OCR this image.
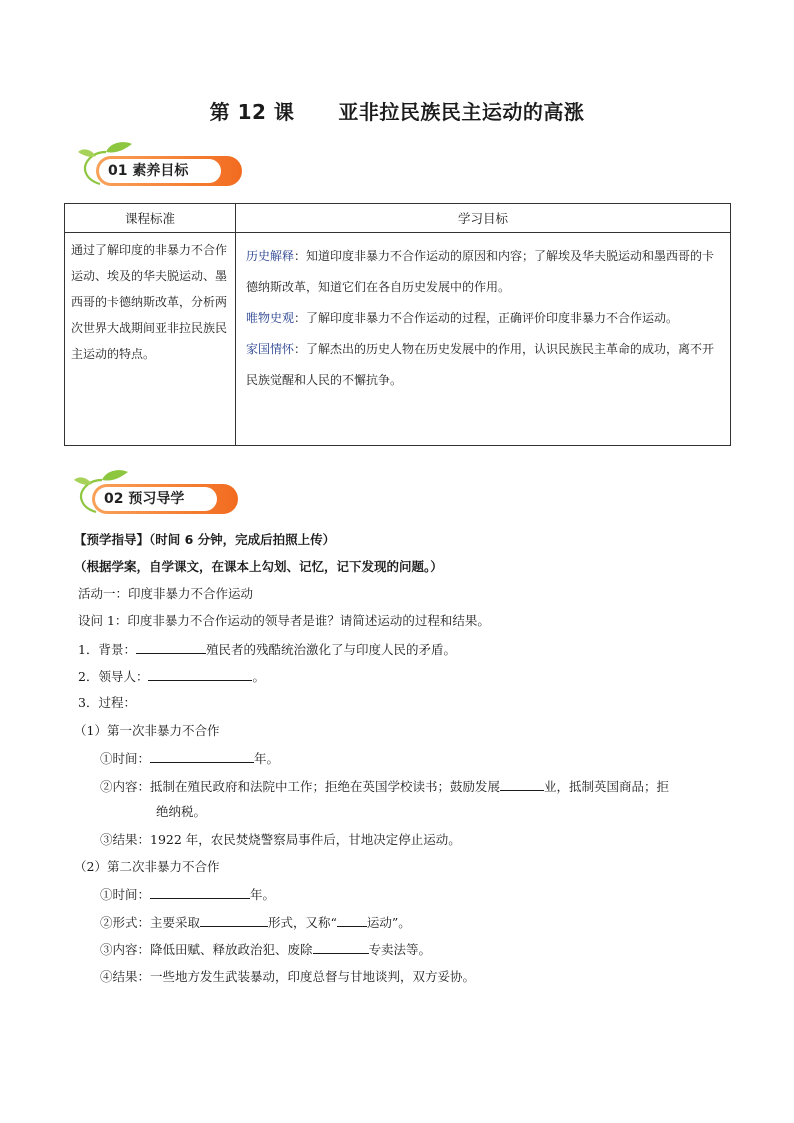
第 12 课 亚非拉民族民主运动的高涨
01 素养目标
课程标准	学习目标
通过了解印度的非暴力不合作运动、埃及的华夫脱运动、墨西哥的卡德纳斯改革，分析两次世界大战期间亚非拉民族民主运动的特点。	历史解释：知道印度非暴力不合作运动的原因和内容；了解埃及华夫脱运动和墨西哥的卡德纳斯改革，知道它们在各自历史发展中的作用。
唯物史观：了解印度非暴力不合作运动的过程，正确评价印度非暴力不合作运动。
家国情怀：了解杰出的历史人物在历史发展中的作用，认识民族民主革命的成功，离不开民族觉醒和人民的不懈抗争。
02 预习导学
【预学指导】（时间 6 分钟，完成后拍照上传）
（根据学案，自学课文，在课本上勾划、记忆，记下发现的问题。）
活动一：印度非暴力不合作运动
设问 1：印度非暴力不合作运动的领导者是谁？请简述运动的过程和结果。
1．背景：	殖民者的残酷统治激化了与印度人民的矛盾。
2．领导人：	。
3．过程：
（1）第一次非暴力不合作
①时间：	年。
②内容：抵制在殖民政府和法院中工作；拒绝在英国学校读书；鼓励发展	业，抵制英国商品；拒
绝纳税。
③结果：1922 年，农民焚烧警察局事件后，甘地决定停止运动。
（2）第二次非暴力不合作
①时间：	年。
②形式：主要采取	形式，又称“ 运动”。
③内容：降低田赋、释放政治犯、废除	专卖法等。
④结果：一些地方发生武装暴动，印度总督与甘地谈判，双方妥协。
